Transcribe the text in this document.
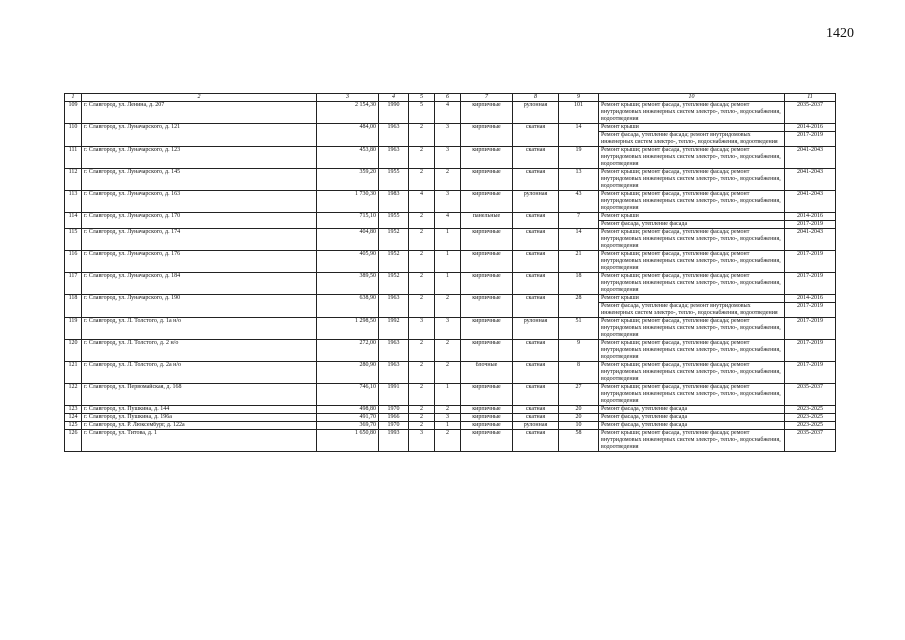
1420
1	2	3	4	5	6	7	8	9	10	11
109	г. Славгород, ул. Ленина, д. 207	2 154,30	1990	5	4	кирпичные	рулонная	101	Ремонт крыши; ремонт фасада, утепление фасада; ремонт внутридомовых инженерных систем электро-, тепло-, водоснабжения, водоотведения	2035-2037
110	г. Славгород, ул. Луначарского, д. 121	484,00	1963	2	3	кирпичные	скатная	14	Ремонт крыши	2014-2016
									Ремонт фасада, утепление фасада; ремонт внутридомовых инженерных систем электро-, тепло-, водоснабжения, водоотведения	2017-2019
111	г. Славгород, ул. Луначарского, д. 123	453,80	1963	2	3	кирпичные	скатная	19	Ремонт крыши; ремонт фасада, утепление фасада; ремонт внутридомовых инженерных систем электро-, тепло-, водоснабжения, водоотведения	2041-2043
112	г. Славгород, ул. Луначарского, д. 145	359,20	1955	2	2	кирпичные	скатная	13	Ремонт крыши; ремонт фасада, утепление фасада; ремонт внутридомовых инженерных систем электро-, тепло-, водоснабжения, водоотведения	2041-2043
113	г. Славгород, ул. Луначарского, д. 163	1 730,30	1983	4	3	кирпичные	рулонная	43	Ремонт крыши; ремонт фасада, утепление фасада; ремонт внутридомовых инженерных систем электро-, тепло-, водоснабжения, водоотведения	2041-2043
114	г. Славгород, ул. Луначарского, д. 170	715,10	1955	2	4	панельные	скатная	7	Ремонт крыши	2014-2016
									Ремонт фасада, утепление фасада	2017-2019
115	г. Славгород, ул. Луначарского, д. 174	404,80	1952	2	1	кирпичные	скатная	14	Ремонт крыши; ремонт фасада, утепление фасада; ремонт внутридомовых инженерных систем электро-, тепло-, водоснабжения, водоотведения	2041-2043
116	г. Славгород, ул. Луначарского, д. 176	405,90	1952	2	1	кирпичные	скатная	21	Ремонт крыши; ремонт фасада, утепление фасада; ремонт внутридомовых инженерных систем электро-, тепло-, водоснабжения, водоотведения	2017-2019
117	г. Славгород, ул. Луначарского, д. 184	389,50	1952	2	1	кирпичные	скатная	18	Ремонт крыши; ремонт фасада, утепление фасада; ремонт внутридомовых инженерных систем электро-, тепло-, водоснабжения, водоотведения	2017-2019
118	г. Славгород, ул. Луначарского, д. 190	638,90	1963	2	2	кирпичные	скатная	28	Ремонт крыши	2014-2016
									Ремонт фасада, утепление фасада; ремонт внутридомовых инженерных систем электро-, тепло-, водоснабжения, водоотведения	2017-2019
119	г. Славгород, ул. Л. Толстого, д. 1а н/о	1 298,50	1992	3	3	кирпичные	рулонная	51	Ремонт крыши; ремонт фасада, утепление фасада; ремонт внутридомовых инженерных систем электро-, тепло-, водоснабжения, водоотведения	2017-2019
120	г. Славгород, ул. Л. Толстого, д. 2 н/о	272,00	1963	2	2	кирпичные	скатная	9	Ремонт крыши; ремонт фасада, утепление фасада; ремонт внутридомовых инженерных систем электро-, тепло-, водоснабжения, водоотведения	2017-2019
121	г. Славгород, ул. Л. Толстого, д. 2а н/о	280,90	1963	2	2	блочные	скатная	8	Ремонт крыши; ремонт фасада, утепление фасада; ремонт внутридомовых инженерных систем электро-, тепло-, водоснабжения, водоотведения	2017-2019
122	г. Славгород, ул. Первомайская, д. 168	746,10	1991	2	1	кирпичные	скатная	27	Ремонт крыши; ремонт фасада, утепление фасада; ремонт внутридомовых инженерных систем электро-, тепло-, водоснабжения, водоотведения	2035-2037
123	г. Славгород, ул. Пушкина, д. 144	498,80	1970	2	2	кирпичные	скатная	20	Ремонт фасада, утепление фасада	2023-2025
124	г. Славгород, ул. Пушкина, д. 196а	491,70	1966	2	3	кирпичные	скатная	20	Ремонт фасада, утепление фасада	2023-2025
125	г. Славгород, ул. Р. Люксембург, д. 122а	369,70	1970	2	1	кирпичные	рулонная	10	Ремонт фасада, утепление фасада	2023-2025
126	г. Славгород, ул. Титова, д. 1	1 650,80	1993	3	2	кирпичные	скатная	58	Ремонт крыши; ремонт фасада, утепление фасада; ремонт внутридомовых инженерных систем электро-, тепло-, водоснабжения, водоотведения	2035-2037
